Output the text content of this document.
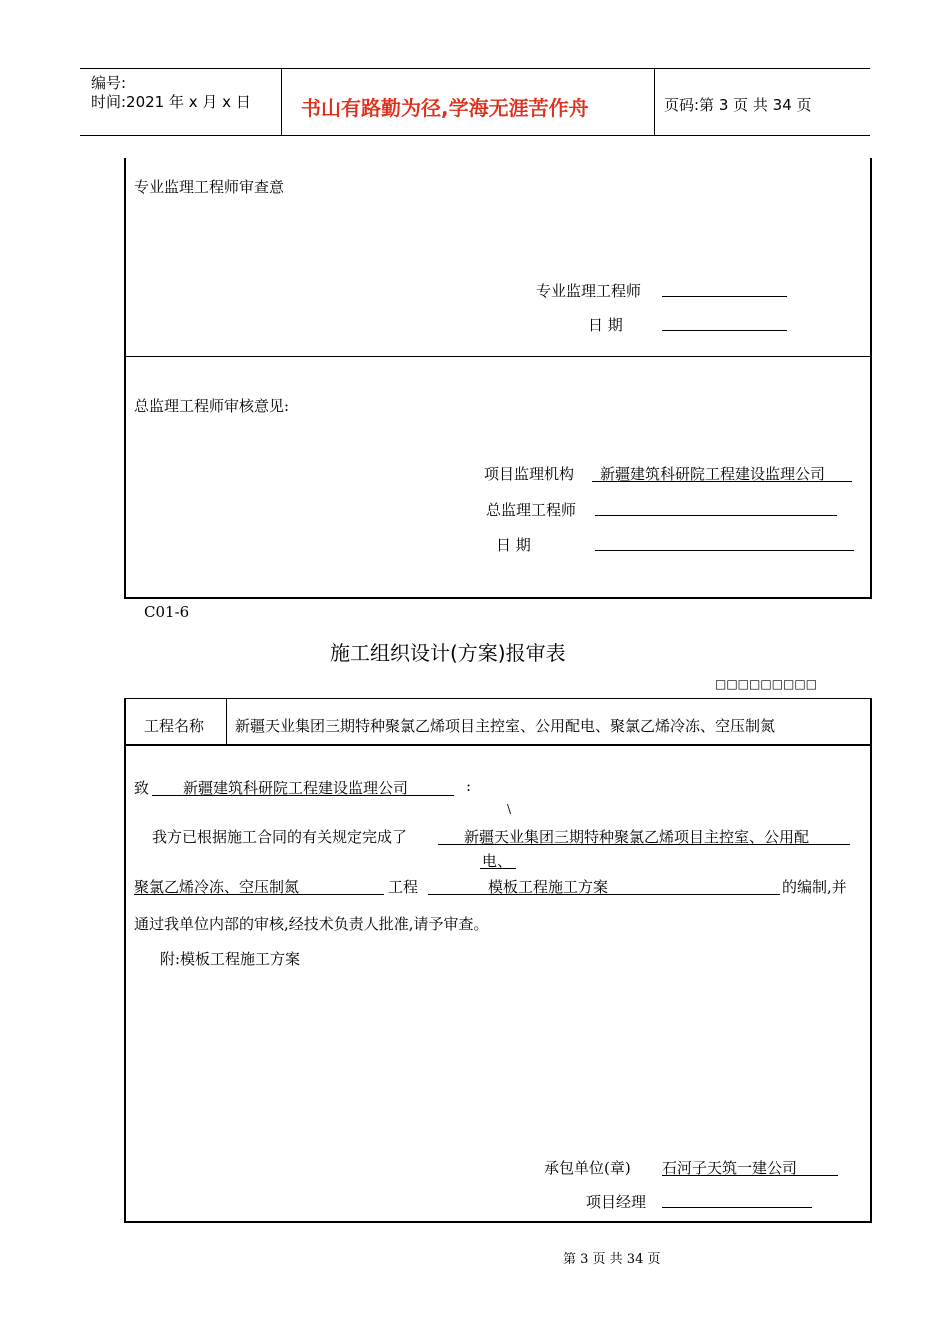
编号:
时间:2021 年 x 月 x 日	书山有路勤为径,学海无涯苦作舟	页码:第 3 页 共 34 页
专业监理工程师审查意
专业监理工程师
日 期
总监理工程师审核意见:
项目监理机构 新疆建筑科研院工程建设监理公司
总监理工程师
日 期
C01-6
施工组织设计(方案)报审表
□□□□□□□□□
工程名称 新疆天业集团三期特种聚氯乙烯项目主控室、公用配电、聚氯乙烯冷冻、空压制氮
致 新疆建筑科研院工程建设监理公司	:
\
我方已根据施工合同的有关规定完成了	新疆天业集团三期特种聚氯乙烯项目主控室、公用配
电、
聚氯乙烯冷冻、空压制氮	工程	模板工程施工方案	的编制,并
通过我单位内部的审核,经技术负责人批准,请予审查。
附:模板工程施工方案
承包单位(章) 石河子天筑一建公司
项目经理
第 3 页 共 34 页
